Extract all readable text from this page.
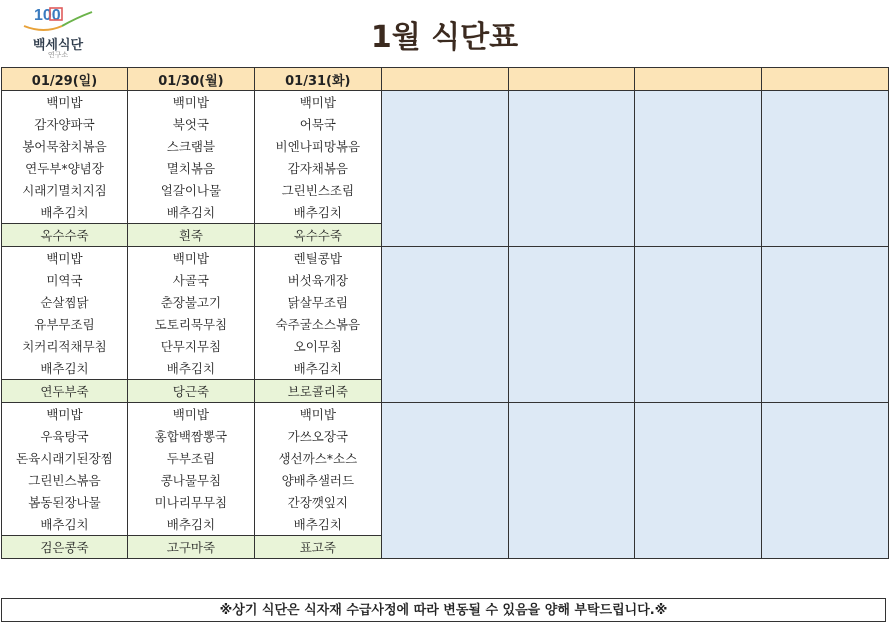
100
백세식단
연구소	1월 식단표
01/29(일)	01/30(월)	01/31(화)				
백미밥	백미밥	백미밥				
감자양파국	북엇국	어묵국				
봉어묵참치볶음	스크램블	비엔나피망볶음				
연두부*양념장	멸치볶음	감자채볶음				
시래기멸치지짐	얼갈이나물	그린빈스조림				
배추김치	배추김치	배추김치				
옥수수죽	흰죽	옥수수죽				
백미밥	백미밥	렌틸콩밥				
미역국	사골국	버섯육개장				
순살찜닭	춘장불고기	닭살무조림				
유부무조림	도토리묵무침	숙주굴소스볶음				
치커리적채무침	단무지무침	오이무침				
배추김치	배추김치	배추김치				
연두부죽	당근죽	브로콜리죽				
백미밥	백미밥	백미밥				
우육탕국	홍합백짬뽕국	가쓰오장국				
돈육시래기된장찜	두부조림	생선까스*소스				
그린빈스볶음	콩나물무침	양배추샐러드				
봄동된장나물	미나리무무침	간장깻잎지				
배추김치	배추김치	배추김치				
검은콩죽	고구마죽	표고죽				
※상기 식단은 식자재 수급사정에 따라 변동될 수 있음을 양해 부탁드립니다.※
